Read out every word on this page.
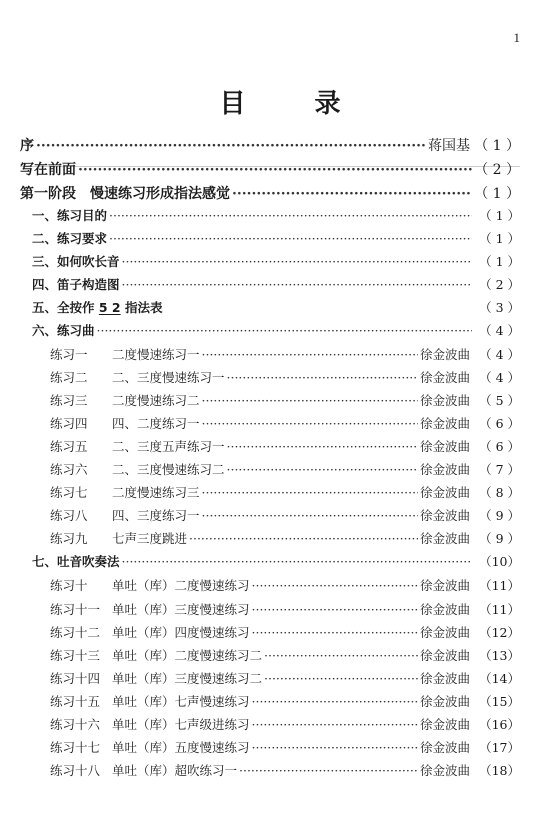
1
目 录
序 ·····	蒋国基 （ 1 ）
写在前面 ·····	（ 2 ）
第一阶段　慢速练习形成指法感觉 ·····	（ 1 ）
一、练习目的 ·····	（ 1 ）
二、练习要求 ·····	（ 1 ）
三、如何吹长音 ·····	（ 1 ）
四、笛子构造图 ·····	（ 2 ）
五、全按作 5 2 指法表	（ 3 ）
六、练习曲 ·····	（ 4 ）
练习一 二度慢速练习一 ·····	徐金波曲 （ 4 ）
练习二 二、三度慢速练习一 ·····	徐金波曲 （ 4 ）
练习三 二度慢速练习二 ·····	徐金波曲 （ 5 ）
练习四 四、二度练习一 ·····	徐金波曲 （ 6 ）
练习五 二、三度五声练习一 ·····	徐金波曲 （ 6 ）
练习六 二、三度慢速练习二 ·····	徐金波曲 （ 7 ）
练习七 二度慢速练习三 ·····	徐金波曲 （ 8 ）
练习八 四、三度练习一 ·····	徐金波曲 （ 9 ）
练习九 七声三度跳进 ·····	徐金波曲 （ 9 ）
七、吐音吹奏法 ·····	（10）
练习十 单吐（库）二度慢速练习 ·····	徐金波曲 （11）
练习十一 单吐（库）三度慢速练习 ·····	徐金波曲 （11）
练习十二 单吐（库）四度慢速练习 ·····	徐金波曲 （12）
练习十三 单吐（库）二度慢速练习二 ·····	徐金波曲 （13）
练习十四 单吐（库）三度慢速练习二 ·····	徐金波曲 （14）
练习十五 单吐（库）七声慢速练习 ·····	徐金波曲 （15）
练习十六 单吐（库）七声级进练习 ·····	徐金波曲 （16）
练习十七 单吐（库）五度慢速练习 ·····	徐金波曲 （17）
练习十八 单吐（库）超吹练习一 ·····	徐金波曲 （18）
